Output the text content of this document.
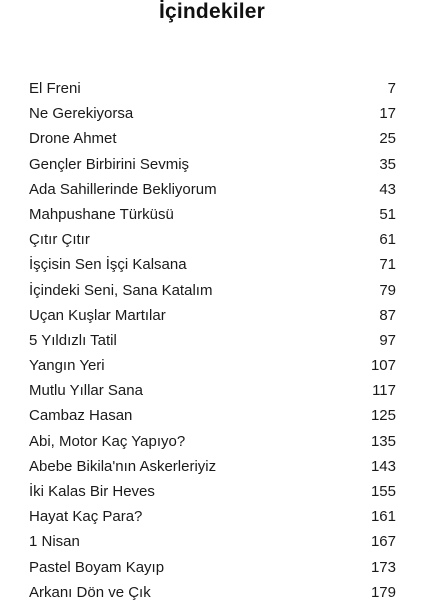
İçindekiler
El Freni	7
Ne Gerekiyorsa	17
Drone Ahmet	25
Gençler Birbirini Sevmiş	35
Ada Sahillerinde Bekliyorum	43
Mahpushane Türküsü	51
Çıtır Çıtır	61
İşçisin Sen İşçi Kalsana	71
İçindeki Seni, Sana Katalım	79
Uçan Kuşlar Martılar	87
5 Yıldızlı Tatil	97
Yangın Yeri	107
Mutlu Yıllar Sana	117
Cambaz Hasan	125
Abi, Motor Kaç Yapıyo?	135
Abebe Bikila'nın Askerleriyiz	143
İki Kalas Bir Heves	155
Hayat Kaç Para?	161
1 Nisan	167
Pastel Boyam Kayıp	173
Arkanı Dön ve Çık	179
